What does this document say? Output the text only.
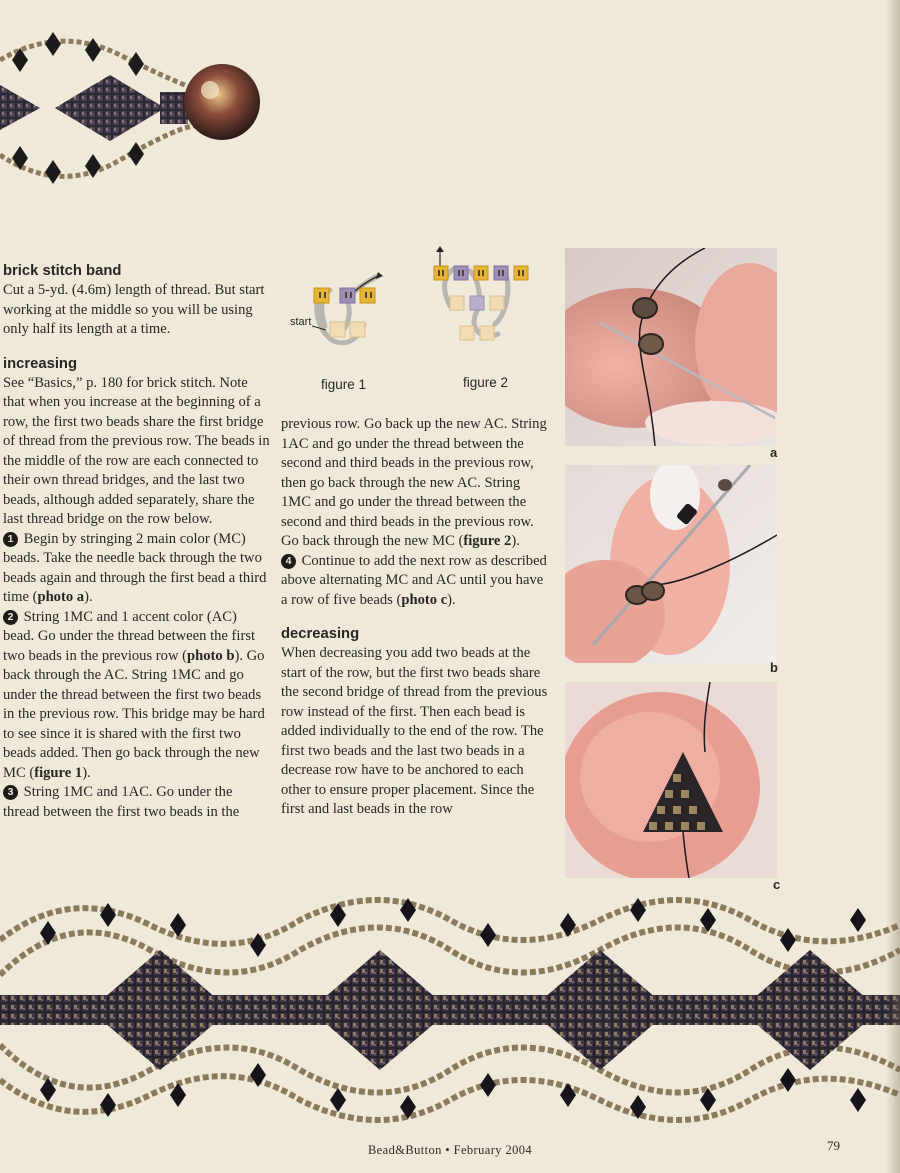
brick stitch band

Cut a 5-yd. (4.6m) length of thread. But start working at the middle so you will be using only half its length at a time.

increasing

See “Basics,” p. 180 for brick stitch. Note that when you increase at the beginning of a row, the first two beads share the first bridge of thread from the previous row. The beads in the middle of the row are each connected to their own thread bridges, and the last two beads, although added separately, share the last thread bridge on the row below.

1 Begin by stringing 2 main color (MC) beads. Take the needle back through the two beads again and through the first bead a third time (photo a).

2 String 1MC and 1 accent color (AC) bead. Go under the thread between the first two beads in the previous row (photo b). Go back through the AC. String 1MC and go under the thread between the first two beads in the previous row. This bridge may be hard to see since it is shared with the first two beads added. Then go back through the new MC (figure 1).

3 String 1MC and 1AC. Go under the thread between the first two beads in the

start
figure 1	figure 2

previous row. Go back up the new AC. String 1AC and go under the thread between the second and third beads in the previous row, then go back through the new AC. String 1MC and go under the thread between the second and third beads in the previous row. Go back through the new MC (figure 2).

4 Continue to add the next row as described above alternating MC and AC until you have a row of five beads (photo c).

decreasing

When decreasing you add two beads at the start of the row, but the first two beads share the second bridge of thread from the previous row instead of the first. Then each bead is added individually to the end of the row. The first two beads and the last two beads in a decrease row have to be anchored to each other to ensure proper placement. Since the first and last beads in the row

a
b
c
Bead&Button • February 2004	79
